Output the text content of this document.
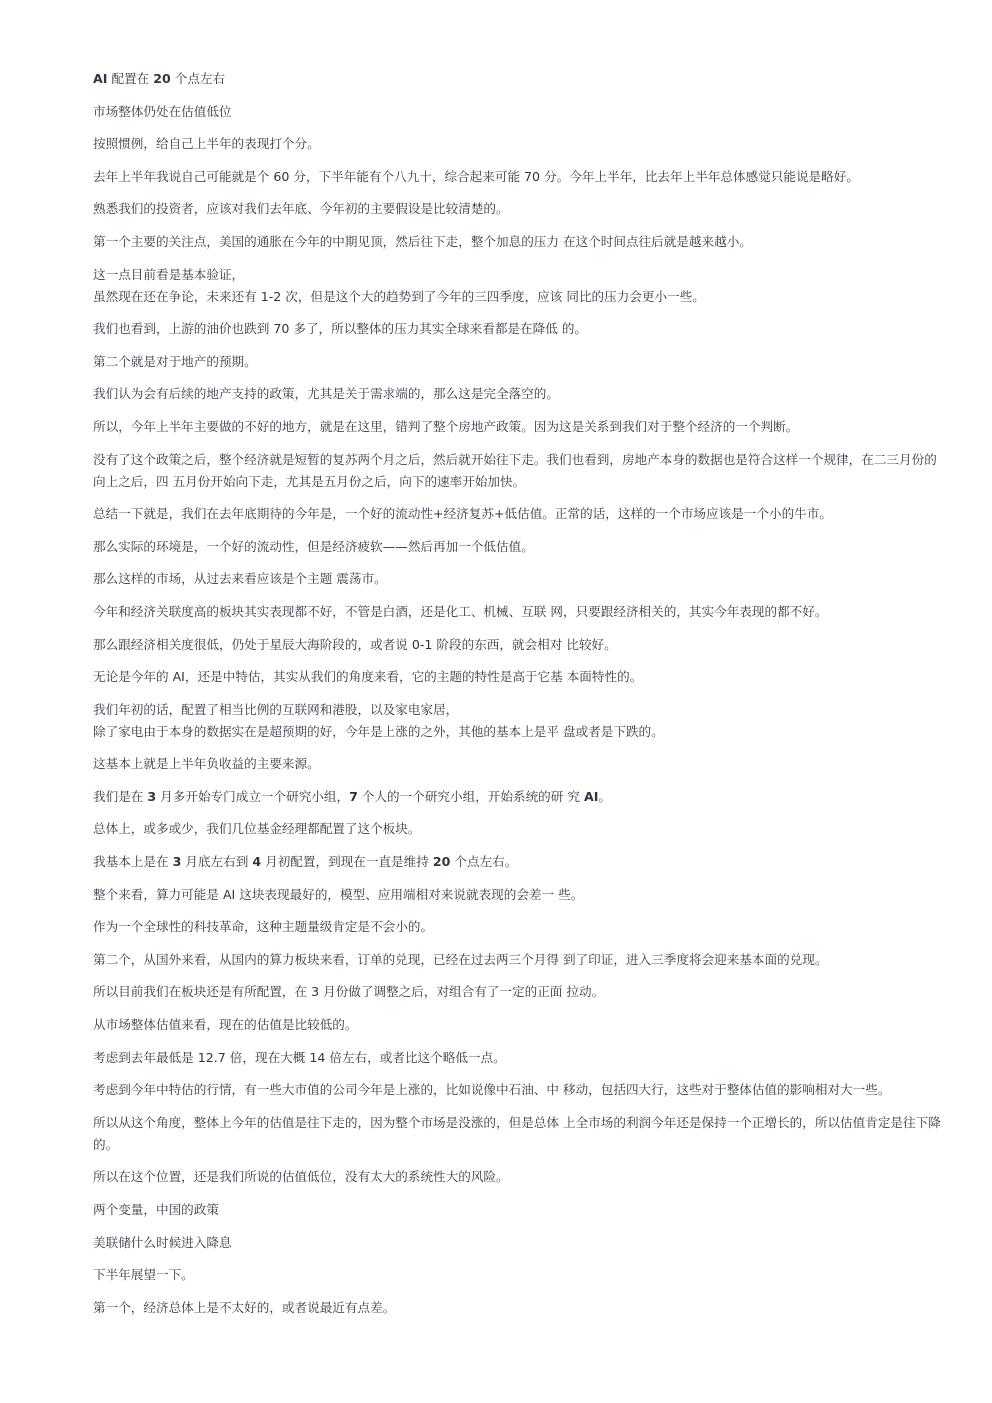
AI 配置在 20 个点左右

市场整体仍处在估值低位

按照惯例，给自己上半年的表现打个分。

去年上半年我说自己可能就是个 60 分，下半年能有个八九十，综合起来可能 70 分。今年上半年，比去年上半年总体感觉只能说是略好。

熟悉我们的投资者，应该对我们去年底、今年初的主要假设是比较清楚的。

第一个主要的关注点，美国的通胀在今年的中期见顶，然后往下走，整个加息的压力 在这个时间点往后就是越来越小。

这一点目前看是基本验证，
虽然现在还在争论，未来还有 1-2 次，但是这个大的趋势到了今年的三四季度，应该 同比的压力会更小一些。

我们也看到，上游的油价也跌到 70 多了，所以整体的压力其实全球来看都是在降低 的。

第二个就是对于地产的预期。

我们认为会有后续的地产支持的政策，尤其是关于需求端的，那么这是完全落空的。

所以，今年上半年主要做的不好的地方，就是在这里，错判了整个房地产政策。因为这是关系到我们对于整个经济的一个判断。

没有了这个政策之后，整个经济就是短暂的复苏两个月之后，然后就开始往下走。我们也看到，房地产本身的数据也是符合这样一个规律，在二三月份的向上之后，四 五月份开始向下走，尤其是五月份之后，向下的速率开始加快。

总结一下就是，我们在去年底期待的今年是，一个好的流动性+经济复苏+低估值。正常的话，这样的一个市场应该是一个小的牛市。

那么实际的环境是，一个好的流动性，但是经济疲软——然后再加一个低估值。

那么这样的市场，从过去来看应该是个主题 震荡市。

今年和经济关联度高的板块其实表现都不好，不管是白酒，还是化工、机械、互联 网，只要跟经济相关的，其实今年表现的都不好。

那么跟经济相关度很低，仍处于星辰大海阶段的，或者说 0-1 阶段的东西，就会相对 比较好。

无论是今年的 AI，还是中特估，其实从我们的角度来看，它的主题的特性是高于它基 本面特性的。

我们年初的话，配置了相当比例的互联网和港股，以及家电家居，
除了家电由于本身的数据实在是超预期的好，今年是上涨的之外，其他的基本上是平 盘或者是下跌的。

这基本上就是上半年负收益的主要来源。

我们是在 3 月多开始专门成立一个研究小组，7 个人的一个研究小组，开始系统的研 究 AI。

总体上，或多或少，我们几位基金经理都配置了这个板块。

我基本上是在 3 月底左右到 4 月初配置，到现在一直是维持 20 个点左右。

整个来看，算力可能是 AI 这块表现最好的，模型、应用端相对来说就表现的会差一 些。

作为一个全球性的科技革命，这种主题量级肯定是不会小的。

第二个，从国外来看，从国内的算力板块来看，订单的兑现，已经在过去两三个月得 到了印证，进入三季度将会迎来基本面的兑现。

所以目前我们在板块还是有所配置，在 3 月份做了调整之后，对组合有了一定的正面 拉动。

从市场整体估值来看，现在的估值是比较低的。

考虑到去年最低是 12.7 倍，现在大概 14 倍左右，或者比这个略低一点。

考虑到今年中特估的行情，有一些大市值的公司今年是上涨的，比如说像中石油、中 移动，包括四大行，这些对于整体估值的影响相对大一些。

所以从这个角度，整体上今年的估值是往下走的，因为整个市场是没涨的，但是总体 上全市场的利润今年还是保持一个正增长的，所以估值肯定是往下降的。

所以在这个位置，还是我们所说的估值低位，没有太大的系统性大的风险。

两个变量，中国的政策

美联储什么时候进入降息

下半年展望一下。

第一个，经济总体上是不太好的，或者说最近有点差。
